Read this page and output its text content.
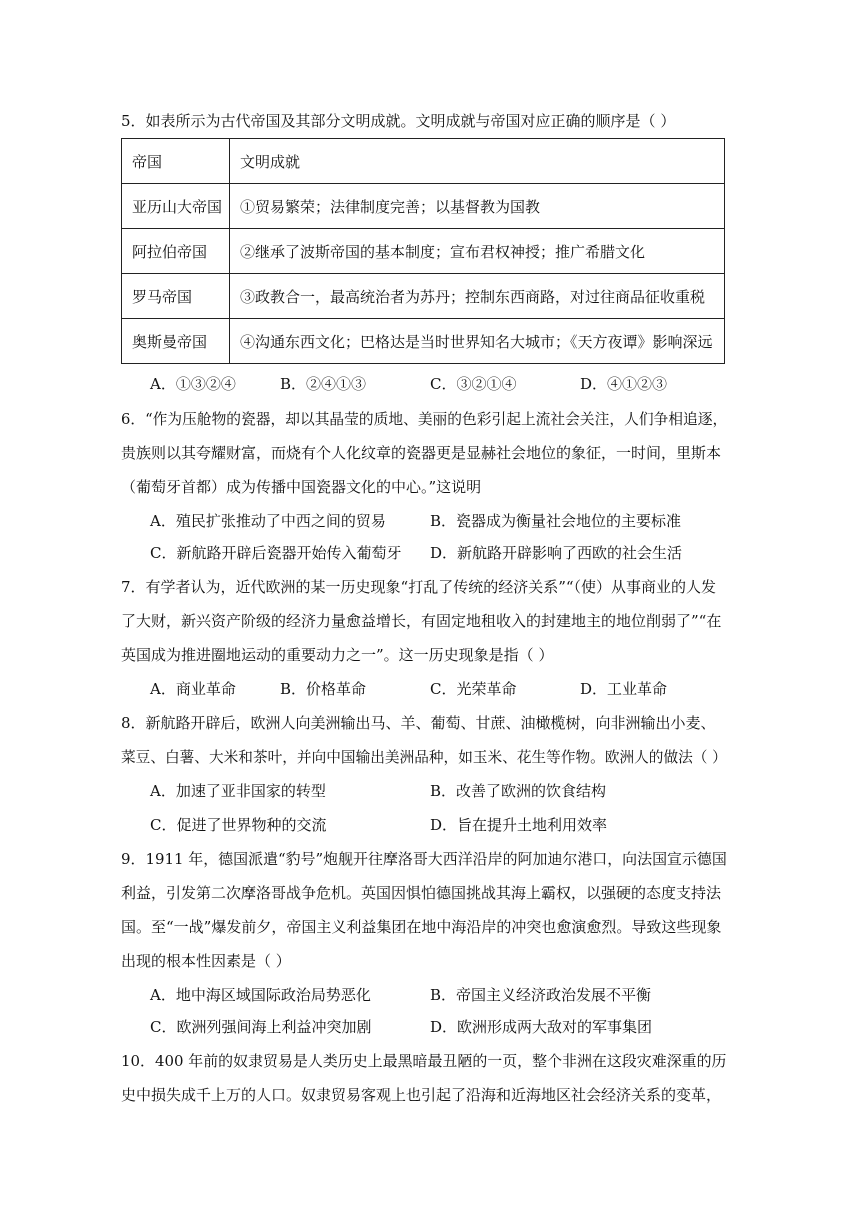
5．如表所示为古代帝国及其部分文明成就。文明成就与帝国对应正确的顺序是（ ）
帝国	文明成就
亚历山大帝国	①贸易繁荣；法律制度完善；以基督教为国教
阿拉伯帝国	②继承了波斯帝国的基本制度；宣布君权神授；推广希腊文化
罗马帝国	③政教合一，最高统治者为苏丹；控制东西商路，对过往商品征收重税
奥斯曼帝国	④沟通东西文化；巴格达是当时世界知名大城市；《天方夜谭》影响深远
A．①③②④	B．②④①③	C．③②①④	D．④①②③
6．“作为压舱物的瓷器，却以其晶莹的质地、美丽的色彩引起上流社会关注，人们争相追逐，
贵族则以其夸耀财富，而烧有个人化纹章的瓷器更是显赫社会地位的象征，一时间，里斯本
（葡萄牙首都）成为传播中国瓷器文化的中心。”这说明
A．殖民扩张推动了中西之间的贸易	B．瓷器成为衡量社会地位的主要标准
C．新航路开辟后瓷器开始传入葡萄牙 D．新航路开辟影响了西欧的社会生活
7．有学者认为，近代欧洲的某一历史现象“打乱了传统的经济关系”“（使）从事商业的人发
了大财，新兴资产阶级的经济力量愈益增长，有固定地租收入的封建地主的地位削弱了”“在
英国成为推进圈地运动的重要动力之一”。这一历史现象是指（ ）
A．商业革命	B．价格革命	C．光荣革命	D．工业革命
8．新航路开辟后，欧洲人向美洲输出马、羊、葡萄、甘蔗、油橄榄树，向非洲输出小麦、
菜豆、白薯、大米和茶叶，并向中国输出美洲品种，如玉米、花生等作物。欧洲人的做法（ ）
A．加速了亚非国家的转型	B．改善了欧洲的饮食结构
C．促进了世界物种的交流	D．旨在提升土地利用效率
9．1911 年，德国派遣“豹号”炮舰开往摩洛哥大西洋沿岸的阿加迪尔港口，向法国宣示德国
利益，引发第二次摩洛哥战争危机。英国因惧怕德国挑战其海上霸权，以强硬的态度支持法
国。至“一战”爆发前夕，帝国主义利益集团在地中海沿岸的冲突也愈演愈烈。导致这些现象
出现的根本性因素是（ ）
A．地中海区域国际政治局势恶化	B．帝国主义经济政治发展不平衡
C．欧洲列强间海上利益冲突加剧	D．欧洲形成两大敌对的军事集团
10．400 年前的奴隶贸易是人类历史上最黑暗最丑陋的一页，整个非洲在这段灾难深重的历
史中损失成千上万的人口。奴隶贸易客观上也引起了沿海和近海地区社会经济关系的变革，
